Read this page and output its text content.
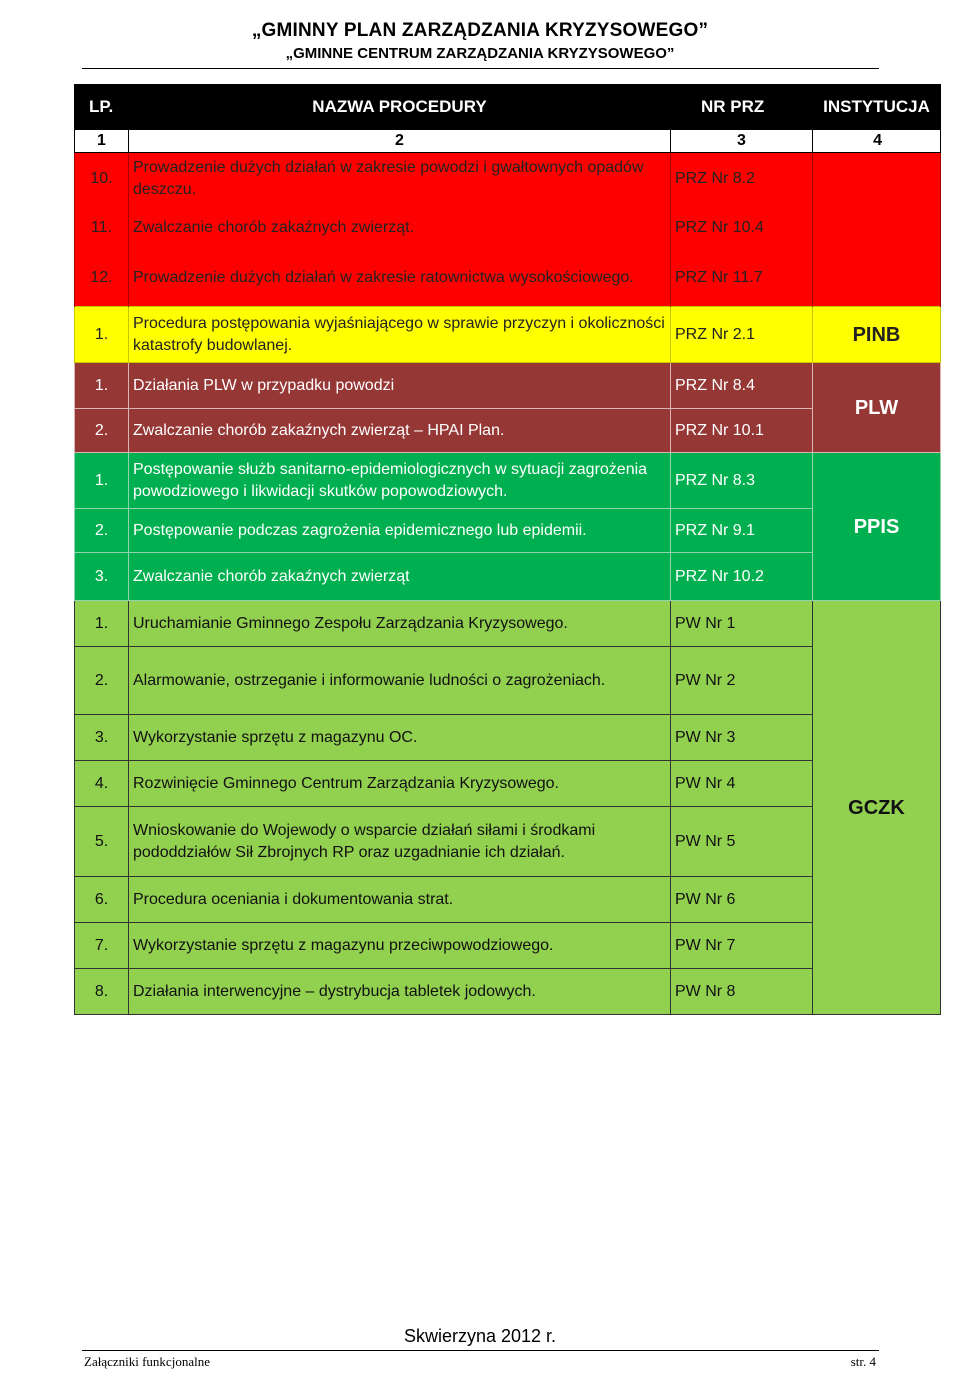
„GMINNY PLAN ZARZĄDZANIA KRYZYSOWEGO”
„GMINNE CENTRUM ZARZĄDZANIA KRYZYSOWEGO”
LP.	NAZWA PROCEDURY	NR PRZ	INSTYTUCJA
1	2	3	4
10.	Prowadzenie dużych działań w zakresie powodzi i gwałtownych opadów deszczu.	PRZ Nr 8.2	
11.	Zwalczanie chorób zakaźnych zwierząt.	PRZ Nr 10.4	
12.	Prowadzenie dużych działań w zakresie ratownictwa wysokościowego.	PRZ Nr 11.7	
1.	Procedura postępowania wyjaśniającego w sprawie przyczyn i okoliczności katastrofy budowlanej.	PRZ Nr 2.1	PINB
1.	Działania PLW w przypadku powodzi	PRZ Nr 8.4	PLW
2.	Zwalczanie chorób zakaźnych zwierząt – HPAI Plan.	PRZ Nr 10.1	
1.	Postępowanie służb sanitarno-epidemiologicznych w sytuacji zagrożenia powodziowego i likwidacji skutków popowodziowych.	PRZ Nr 8.3	PPIS
2.	Postępowanie podczas zagrożenia epidemicznego lub epidemii.	PRZ Nr 9.1	
3.	Zwalczanie chorób zakaźnych zwierząt	PRZ Nr 10.2	
1.	Uruchamianie Gminnego Zespołu Zarządzania Kryzysowego.	PW Nr 1	GCZK
2.	Alarmowanie, ostrzeganie i informowanie ludności o zagrożeniach.	PW Nr 2	
3.	Wykorzystanie sprzętu z magazynu OC.	PW Nr 3	
4.	Rozwinięcie Gminnego Centrum Zarządzania Kryzysowego.	PW Nr 4	
5.	Wnioskowanie do Wojewody o wsparcie działań siłami i środkami pododdziałów Sił Zbrojnych RP oraz uzgadnianie ich działań.	PW Nr 5	
6.	Procedura oceniania i dokumentowania strat.	PW Nr 6	
7.	Wykorzystanie sprzętu z magazynu przeciwpowodziowego.	PW Nr 7	
8.	Działania interwencyjne – dystrybucja tabletek jodowych.	PW Nr 8	
Skwierzyna 2012 r.
Załączniki funkcjonalne	str. 4
